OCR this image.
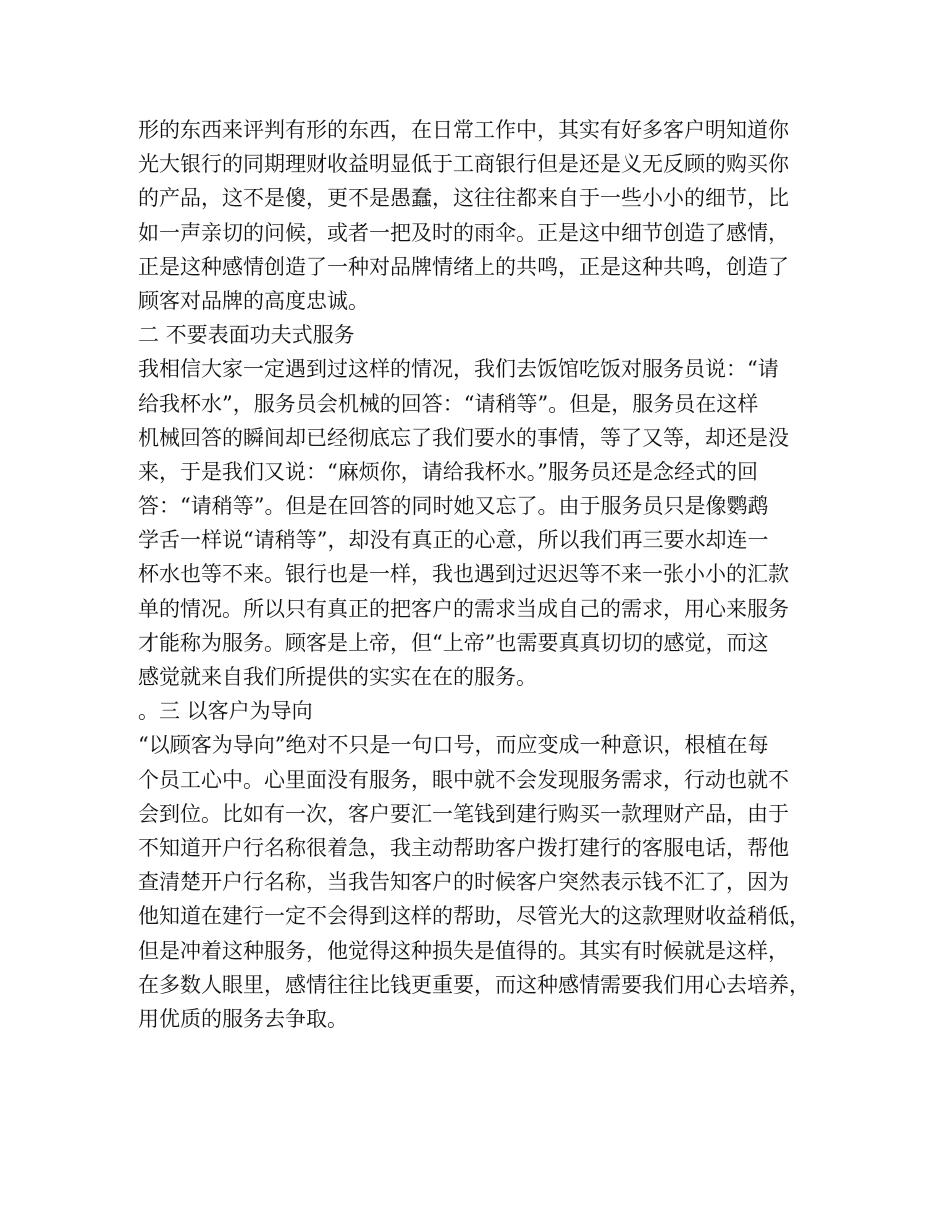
形的东西来评判有形的东西，在日常工作中，其实有好多客户明知道你
光大银行的同期理财收益明显低于工商银行但是还是义无反顾的购买你
的产品，这不是傻，更不是愚蠢，这往往都来自于一些小小的细节，比
如一声亲切的问候，或者一把及时的雨伞。正是这中细节创造了感情，
正是这种感情创造了一种对品牌情绪上的共鸣，正是这种共鸣，创造了
顾客对品牌的高度忠诚。
二 不要表面功夫式服务
我相信大家一定遇到过这样的情况，我们去饭馆吃饭对服务员说：“请
给我杯水”，服务员会机械的回答：“请稍等”。但是，服务员在这样
机械回答的瞬间却已经彻底忘了我们要水的事情，等了又等，却还是没
来，于是我们又说：“麻烦你，请给我杯水。”服务员还是念经式的回
答：“请稍等”。但是在回答的同时她又忘了。由于服务员只是像鹦鹉
学舌一样说“请稍等”，却没有真正的心意，所以我们再三要水却连一
杯水也等不来。银行也是一样，我也遇到过迟迟等不来一张小小的汇款
单的情况。所以只有真正的把客户的需求当成自己的需求，用心来服务
才能称为服务。顾客是上帝，但“上帝”也需要真真切切的感觉，而这
感觉就来自我们所提供的实实在在的服务。
。三 以客户为导向
“以顾客为导向”绝对不只是一句口号，而应变成一种意识，根植在每
个员工心中。心里面没有服务，眼中就不会发现服务需求，行动也就不
会到位。比如有一次，客户要汇一笔钱到建行购买一款理财产品，由于
不知道开户行名称很着急，我主动帮助客户拨打建行的客服电话，帮他
查清楚开户行名称，当我告知客户的时候客户突然表示钱不汇了，因为
他知道在建行一定不会得到这样的帮助，尽管光大的这款理财收益稍低，
但是冲着这种服务，他觉得这种损失是值得的。其实有时候就是这样，
在多数人眼里，感情往往比钱更重要，而这种感情需要我们用心去培养，
用优质的服务去争取。
